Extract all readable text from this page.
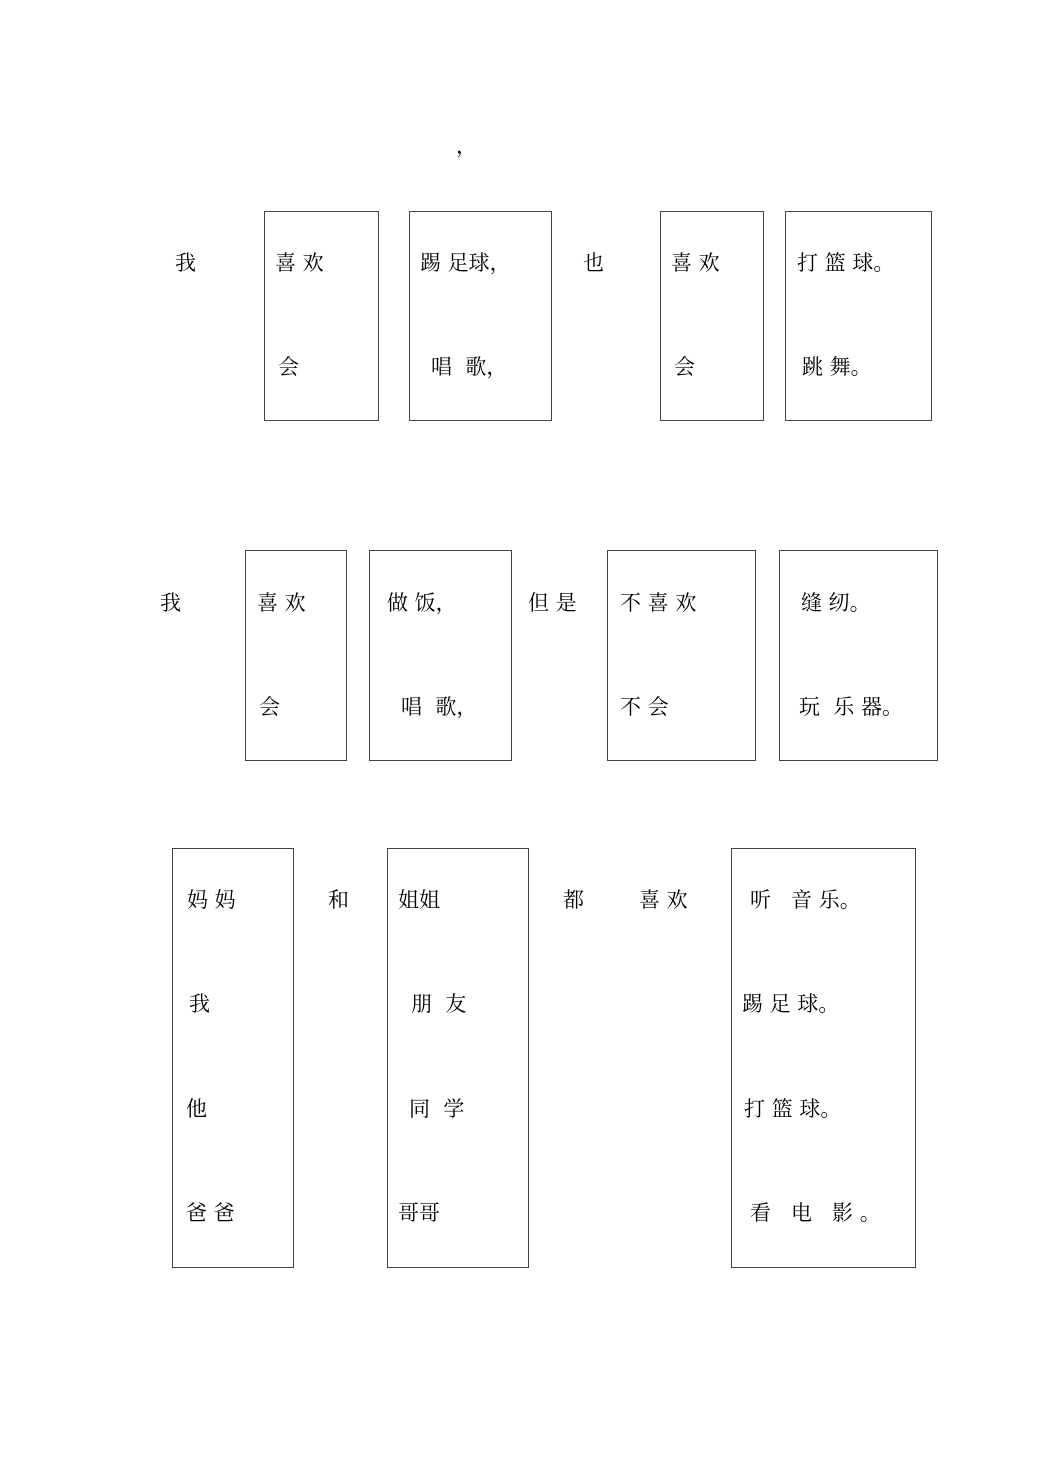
，
我	喜 欢
会
踢 足球，
唱  歌，
也	喜 欢
会
打 篮 球。
跳 舞。
我	喜 欢
会
做 饭，
唱  歌，
但 是 不 喜 欢
不 会
缝 纫。
玩  乐 器。
妈 妈
我
他
爸 爸
和 姐姐
朋  友
同  学
哥哥
都	喜 欢	听   音 乐。
踢 足 球。
打 篮 球。
看   电   影 。
